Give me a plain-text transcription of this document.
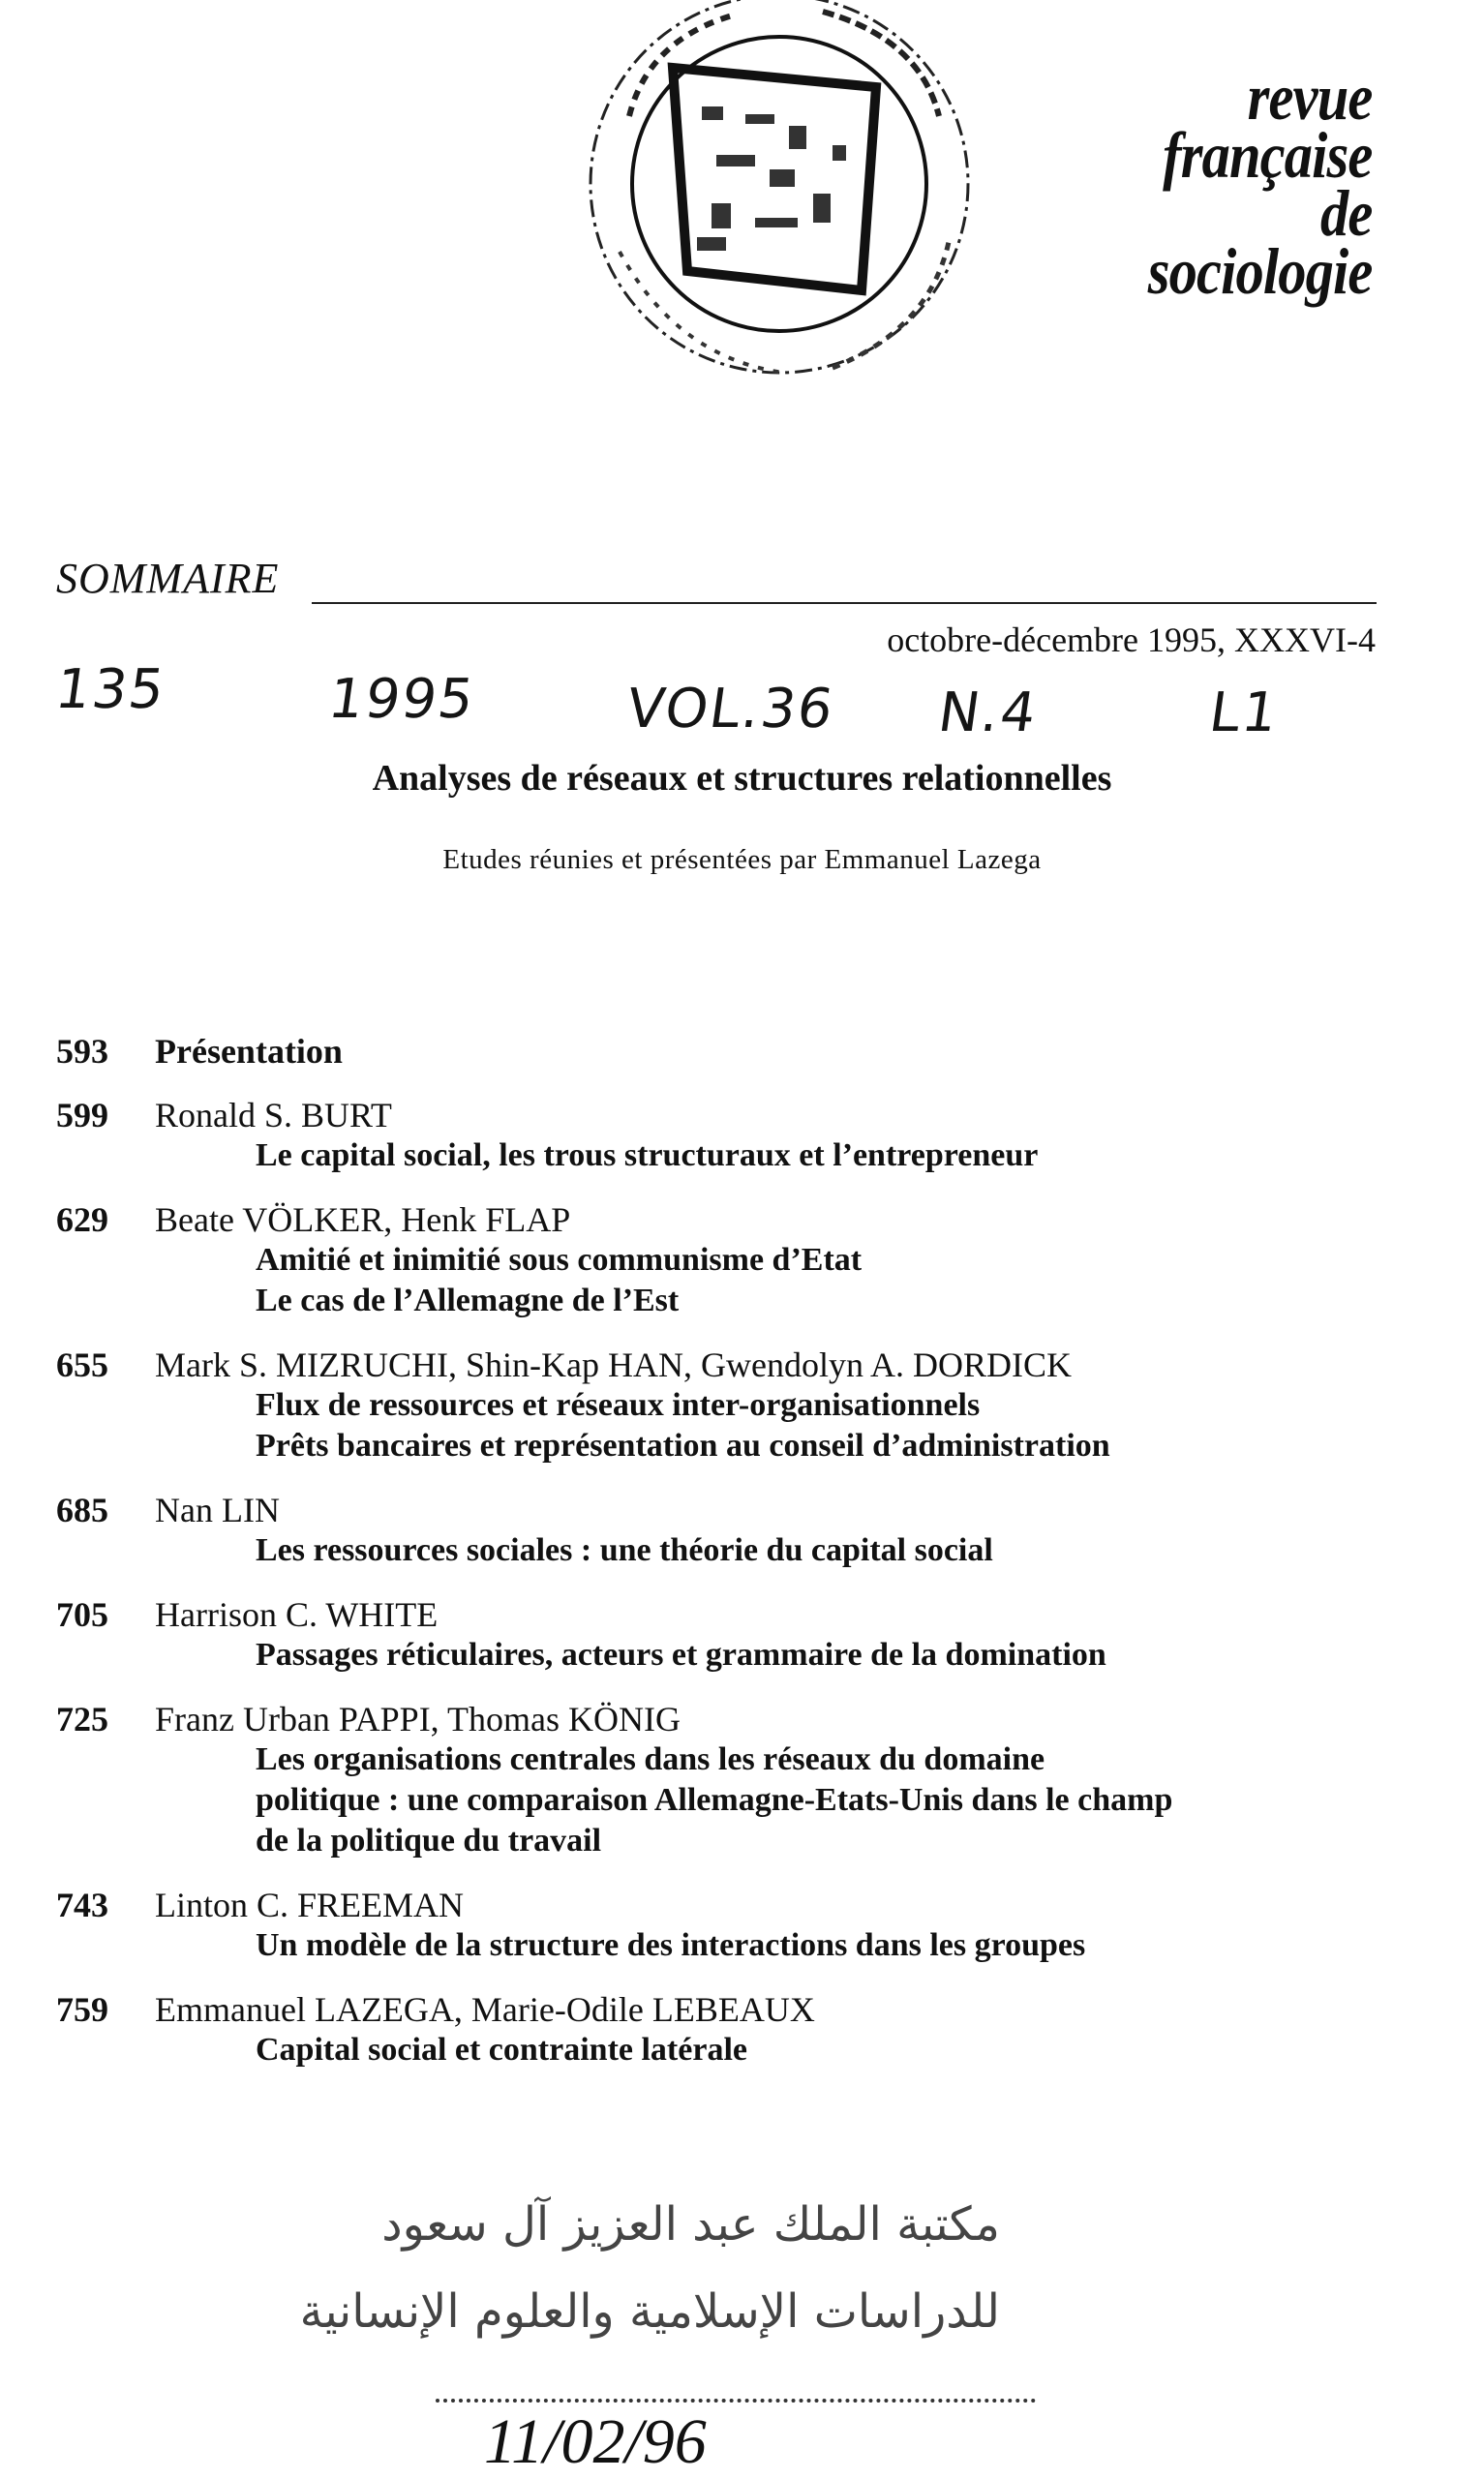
revue
française
de
sociologie
SOMMAIRE
octobre-décembre 1995, XXXVI-4
135	1995	VOL.36 N.4	L1
Analyses de réseaux et structures relationnelles
Etudes réunies et présentées par Emmanuel Lazega
593	Présentation
599	Ronald S. BURT
Le capital social, les trous structuraux et l’entrepreneur
629	Beate VÖLKER, Henk FLAP
Amitié et inimitié sous communisme d’Etat
Le cas de l’Allemagne de l’Est
655	Mark S. MIZRUCHI, Shin-Kap HAN, Gwendolyn A. DORDICK
Flux de ressources et réseaux inter-organisationnels
Prêts bancaires et représentation au conseil d’administration
685	Nan LIN
Les ressources sociales : une théorie du capital social
705	Harrison C. WHITE
Passages réticulaires, acteurs et grammaire de la domination
725	Franz Urban PAPPI, Thomas KÖNIG
Les organisations centrales dans les réseaux du domaine
politique : une comparaison Allemagne-Etats-Unis dans le champ
de la politique du travail
743	Linton C. FREEMAN
Un modèle de la structure des interactions dans les groupes
759	Emmanuel LAZEGA, Marie-Odile LEBEAUX
Capital social et contrainte latérale
مكتبة الملك عبد العزيز آل سعود
للدراسات الإسلامية والعلوم الإنسانية
11/02/96
